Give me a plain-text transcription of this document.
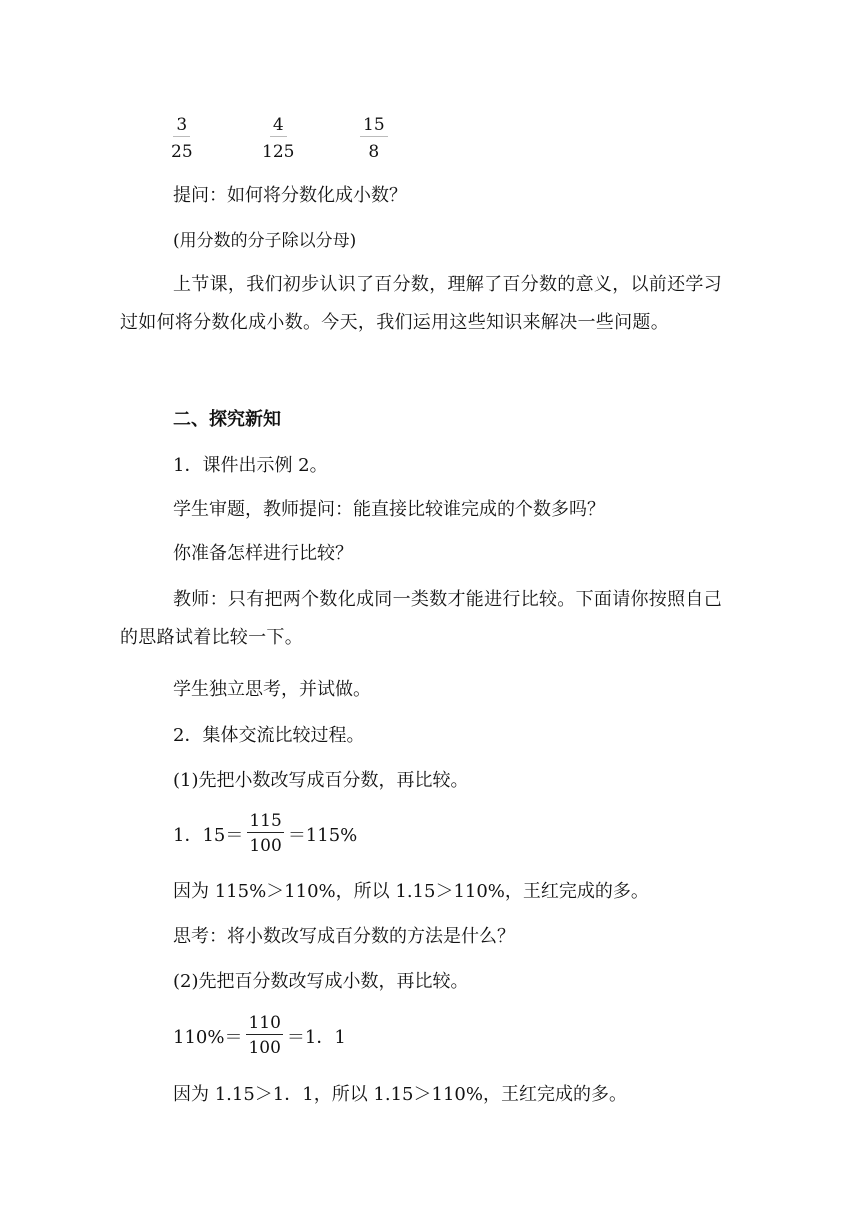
$\frac{3}{25}$	$\frac{4}{125}$	$\frac{15}{8}$

提问：如何将分数化成小数？

(用分数的分子除以分母)

上节课，我们初步认识了百分数，理解了百分数的意义，以前还学习过如何将分数化成小数。今天，我们运用这些知识来解决一些问题。

二、探究新知

1．课件出示例 2。

学生审题，教师提问：能直接比较谁完成的个数多吗？

你准备怎样进行比较？

教师：只有把两个数化成同一类数才能进行比较。下面请你按照自己的思路试着比较一下。

学生独立思考，并试做。

2．集体交流比较过程。

(1)先把小数改写成百分数，再比较。

1．$15= \frac{115}{100} =115\%$

因为 115%＞110%，所以 1.15＞110%，王红完成的多。

思考：将小数改写成百分数的方法是什么？

(2)先把百分数改写成小数，再比较。

$110\%= \frac{110}{100} =1$．1

因为 1.15＞1．1，所以 1.15＞110%，王红完成的多。
